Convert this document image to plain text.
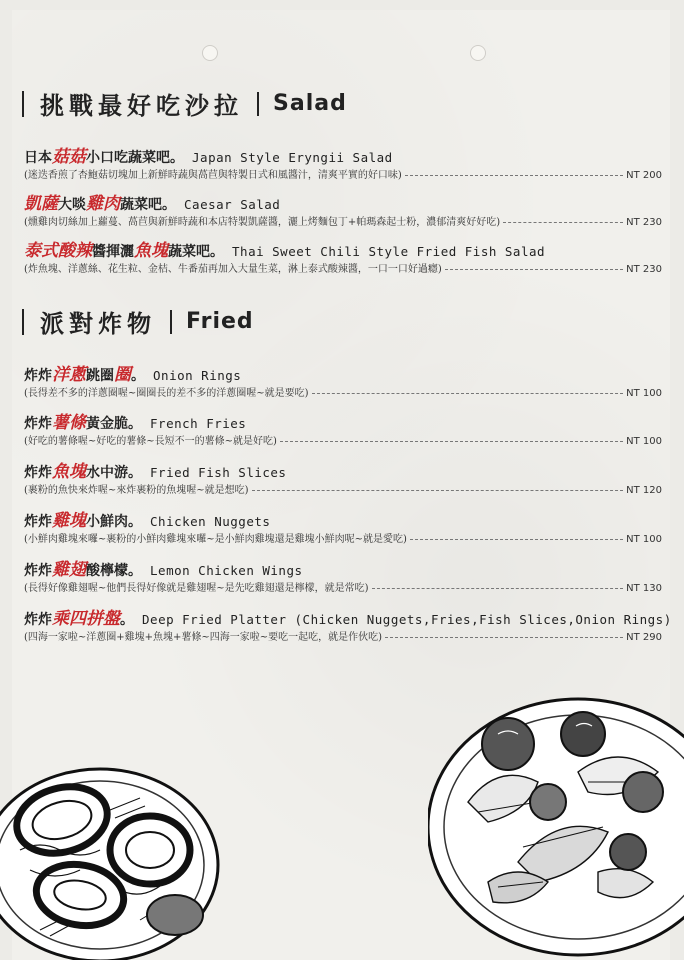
挑戰最好吃沙拉 Salad
派對炸物 Fried
日本菇菇小口吃蔬菜吧。 Japan Style Eryngii Salad
(迷迭香煎了杏鮑菇切塊加上新鮮時蔬與萵苣與特製日式和風醬汁，清爽平實的好口味)	NT 200
凱薩大啖雞肉蔬菜吧。 Caesar Salad
(燻雞肉切絲加上蘿蔓、萵苣與新鮮時蔬和本店特製凱薩醬，灑上烤麵包丁+帕瑪森起士粉，濃郁清爽好好吃)	NT 230
泰式酸辣醬揮灑魚塊蔬菜吧。 Thai Sweet Chili Style Fried Fish Salad
(炸魚塊、洋蔥絲、花生粒、金桔、牛番茄再加入大量生菜，淋上泰式酸辣醬，一口一口好過癮)	NT 230
炸炸洋蔥跳圈圈。 Onion Rings
(長得差不多的洋蔥圈喔~圈圈長的差不多的洋蔥圈喔~就是要吃)	NT 100
炸炸薯條黃金脆。 French Fries
(好吃的薯條喔~好吃的薯條~長短不一的薯條~就是好吃)	NT 100
炸炸魚塊水中游。 Fried Fish Slices
(裹粉的魚快來炸喔~來炸裹粉的魚塊喔~就是想吃)	NT 120
炸炸雞塊小鮮肉。 Chicken Nuggets
(小鮮肉雞塊來囉~裹粉的小鮮肉雞塊來囉~是小鮮肉雞塊還是雞塊小鮮肉呢~就是愛吃)	NT 100
炸炸雞翅酸檸檬。 Lemon Chicken Wings
(長得好像雞翅喔~他們長得好像就是雞翅喔~是先吃雞翅還是檸檬，就是常吃)	NT 130
炸炸乘四拼盤。 Deep Fried Platter (Chicken Nuggets,Fries,Fish Slices,Onion Rings)
(四海一家啦~洋蔥圈+雞塊+魚塊+薯條~四海一家啦~要吃一起吃，就是作伙吃)	NT 290
